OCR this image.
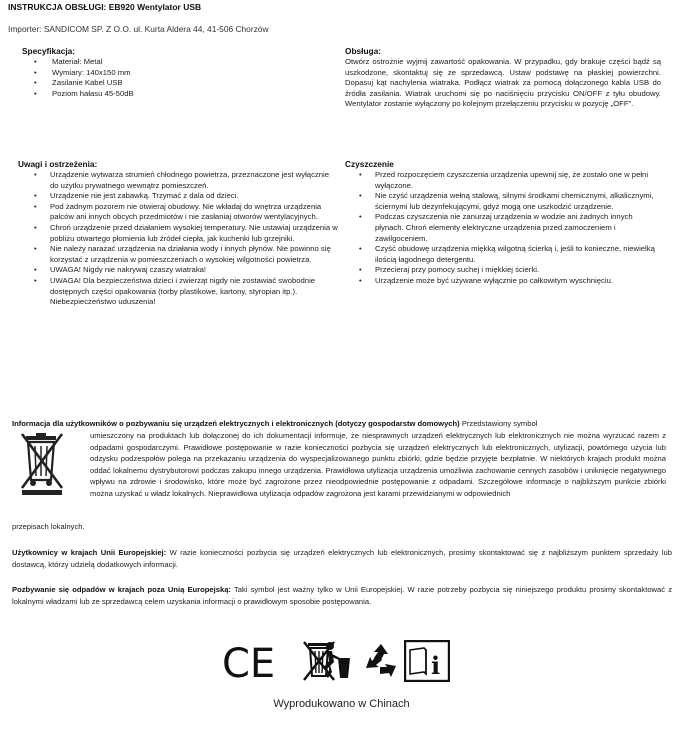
INSTRUKCJA OBSŁUGI: EB920 Wentylator USB
Importer: SANDICOM SP. Z O.O. ul. Kurta Aldera 44, 41-506 Chorzów
Specyfikacja:
• Materiał: Metal
• Wymiary: 140x150 mm
• Zasilanie Kabel USB
• Poziom hałasu 45-50dB
Obsługa:
Otwórz ostrożnie wyjmij zawartość opakowania. W przypadku, gdy brakuje części bądź są uszkodzone, skontaktuj się ze sprzedawcą. Ustaw podstawę na płaskiej powierzchni. Dopasuj kąt nachylenia wiatraka. Podłącz wiatrak za pomocą dołączonego kabla USB do źródła zasilania. Wiatrak uruchomi się po naciśnięciu przycisku ON/OFF z tyłu obudowy. Wentylator zostanie wyłączony po kolejnym przełączeniu przycisku w pozycję „OFF”.
Uwagi i ostrzeżenia:
• Urządzenie wytwarza strumień chłodnego powietrza, przeznaczone jest wyłącznie do użytku prywatnego wewnątrz pomieszczeń.
• Urządzenie nie jest zabawką. Trzymać z dala od dzieci.
• Pod żadnym pozorem nie otwieraj obudowy. Nie wkładaj do wnętrza urządzenia palców ani innych obcych przedmiotów i nie zasłaniaj otworów wentylacyjnych.
• Chroń urządzenie przed działaniem wysokiej temperatury. Nie ustawiaj urządzenia w pobliżu otwartego płomienia lub źródeł ciepła, jak kuchenki lub grzejniki.
• Nie należy narażać urządzenia na działania wody i innych płynów. Nie powinno się korzystać z urządzenia w pomieszczeniach o wysokiej wilgotności powietrza.
• UWAGA! Nigdy nie nakrywaj czaszy wiatraka!
• UWAGA! Dla bezpieczeństwa dzieci i zwierząt nigdy nie zostawiać swobodnie dostępnych części opakowania (torby plastikowe, kartony, styropian itp.). Niebezpieczeństwo uduszenia!
Czyszczenie
• Przed rozpoczęciem czyszczenia urządzenia upewnij się, że zostało one w pełni wyłączone.
• Nie czyść urządzenia wełną stalową, silnymi środkami chemicznymi, alkalicznymi, ściernymi lub dezynfekującymi, gdyż mogą one uszkodzić urządzenie.
• Podczas czyszczenia nie zanurzaj urządzenia w wodzie ani żadnych innych płynach. Chroń elementy elektryczne urządzenia przed zamoczeniem i zawilgoceniem.
• Czyść obudowę urządzenia miękką wilgotną ścierką i, jeśli to konieczne, niewielką ilością łagodnego detergentu.
• Przecieraj przy pomocy suchej i miękkiej ścierki.
• Urządzenie może być używane wyłącznie po całkowitym wyschnięciu.
Informacja dla użytkowników o pozbywaniu się urządzeń elektrycznych i elektronicznych (dotyczy gospodarstw domowych) Przedstawiony symbol
umieszczony na produktach lub dołączonej do ich dokumentacji informuje, że niesprawnych urządzeń elektrycznych lub elektronicznych nie można wyrzucać razem z odpadami gospodarczymi. Prawidłowe postępowanie w razie konieczności pozbycia się urządzeń elektrycznych lub elektronicznych, utylizacji, powtórnego użycia lub odzysku podzespołów polega na przekazaniu urządzenia do wyspecjalizowanego punktu zbiórki, gdzie będzie przyjęte bezpłatnie. W niektórych krajach produkt można oddać lokalnemu dystrybutorowi podczas zakupu innego urządzenia. Prawidłowa utylizacja urządzenia umożliwia zachowanie cennych zasobów i uniknięcie negatywnego wpływu na zdrowie i środowisko, które może być zagrożone przez nieodpowiednie postępowanie z odpadami. Szczegółowe informacje o najbliższym punkcie zbiórki można uzyskać u władz lokalnych. Nieprawidłowa utylizacja odpadów zagrożona jest karami przewidzianymi w odpowiednich
przepisach lokalnych.
Użytkownicy w krajach Unii Europejskiej: W razie konieczności pozbycia się urządzeń elektrycznych lub elektronicznych, prosimy skontaktować się z najbliższym punktem sprzedaży lub dostawcą, którzy udzielą dodatkowych informacji.
Pozbywanie się odpadów w krajach poza Unią Europejską: Taki symbol jest ważny tylko w Unii Europejskiej. W razie potrzeby pozbycia się niniejszego produktu prosimy skontaktować z lokalnymi władzami lub ze sprzedawcą celem uzyskania informacji o prawidłowym sposobie postępowania.
CE	i
Wyprodukowano w Chinach
